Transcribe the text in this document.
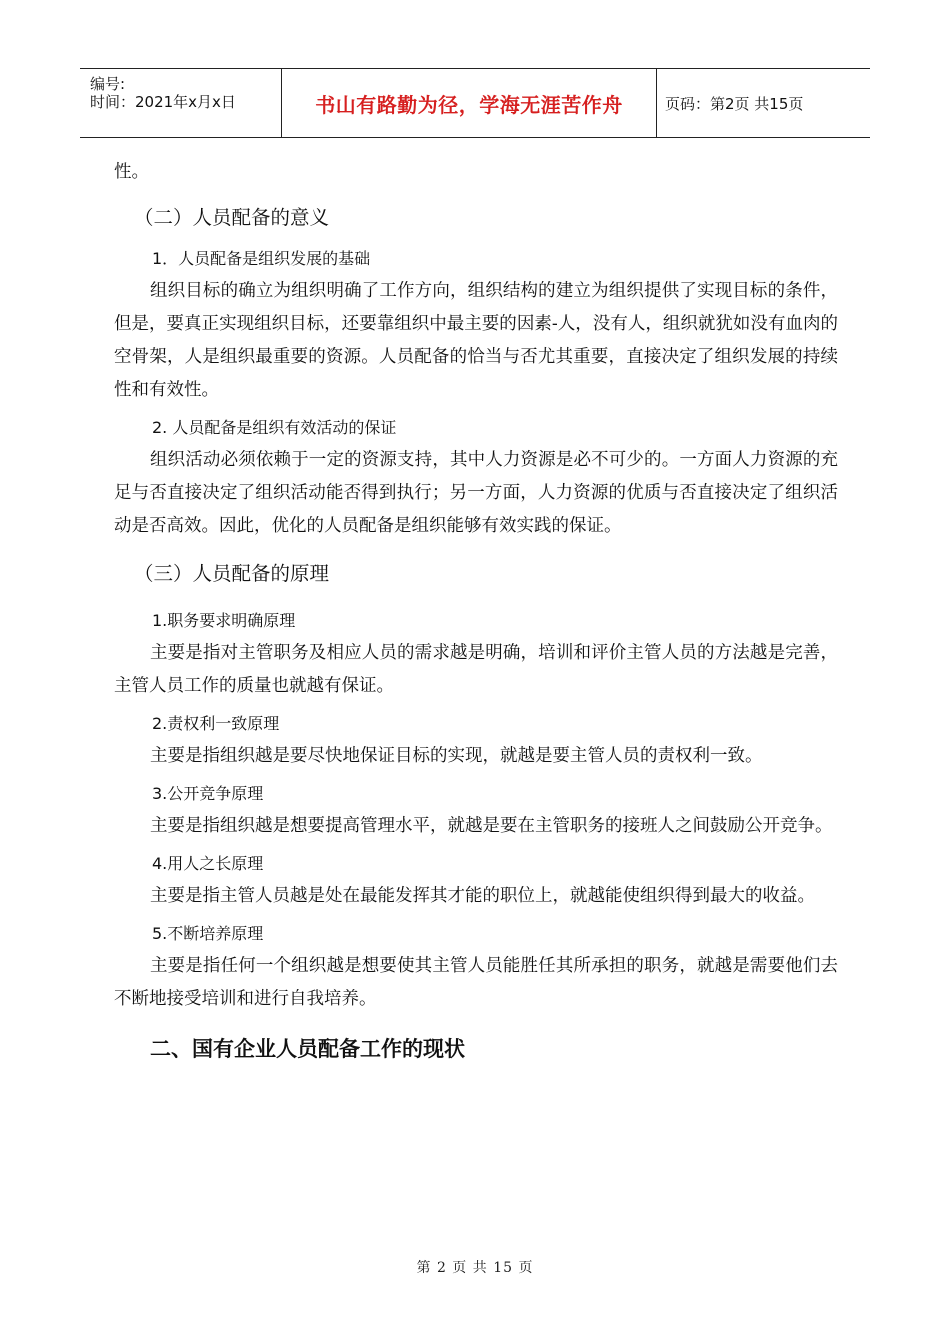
编号:
时间：2021年x月x日	书山有路勤为径，学海无涯苦作舟	页码：第2页 共15页

性。

（二）人员配备的意义

1．人员配备是组织发展的基础

组织目标的确立为组织明确了工作方向，组织结构的建立为组织提供了实现目标的条件，但是，要真正实现组织目标，还要靠组织中最主要的因素-人，没有人，组织就犹如没有血肉的空骨架，人是组织最重要的资源。人员配备的恰当与否尤其重要，直接决定了组织发展的持续性和有效性。

2. 人员配备是组织有效活动的保证

组织活动必须依赖于一定的资源支持，其中人力资源是必不可少的。一方面人力资源的充足与否直接决定了组织活动能否得到执行；另一方面，人力资源的优质与否直接决定了组织活动是否高效。因此，优化的人员配备是组织能够有效实践的保证。

（三）人员配备的原理

1.职务要求明确原理

主要是指对主管职务及相应人员的需求越是明确，培训和评价主管人员的方法越是完善，主管人员工作的质量也就越有保证。

2.责权利一致原理

主要是指组织越是要尽快地保证目标的实现，就越是要主管人员的责权利一致。

3.公开竞争原理

主要是指组织越是想要提高管理水平，就越是要在主管职务的接班人之间鼓励公开竞争。

4.用人之长原理

主要是指主管人员越是处在最能发挥其才能的职位上，就越能使组织得到最大的收益。

5.不断培养原理

主要是指任何一个组织越是想要使其主管人员能胜任其所承担的职务，就越是需要他们去不断地接受培训和进行自我培养。

二、国有企业人员配备工作的现状

第 2 页 共 15 页
